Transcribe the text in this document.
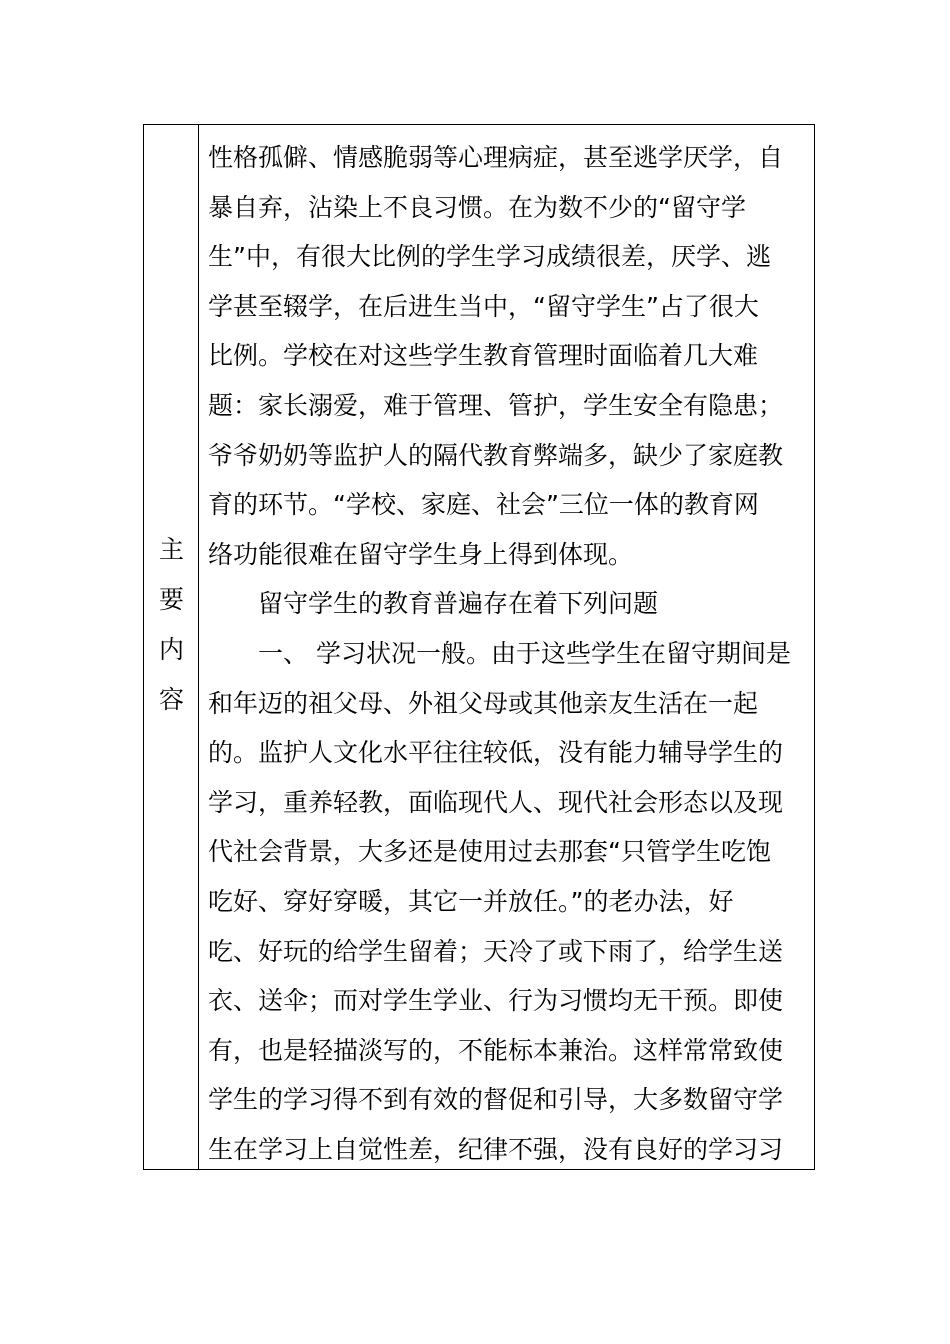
主
要
内
容
性格孤僻、情感脆弱等心理病症，甚至逃学厌学，自
暴自弃，沾染上不良习惯。在为数不少的“留守学
生”中，有很大比例的学生学习成绩很差，厌学、逃
学甚至辍学，在后进生当中，“留守学生”占了很大
比例。学校在对这些学生教育管理时面临着几大难
题：家长溺爱，难于管理、管护，学生安全有隐患；
爷爷奶奶等监护人的隔代教育弊端多，缺少了家庭教
育的环节。“学校、家庭、社会”三位一体的教育网
络功能很难在留守学生身上得到体现。
留守学生的教育普遍存在着下列问题
一、 学习状况一般。由于这些学生在留守期间是
和年迈的祖父母、外祖父母或其他亲友生活在一起
的。监护人文化水平往往较低，没有能力辅导学生的
学习，重养轻教，面临现代人、现代社会形态以及现
代社会背景，大多还是使用过去那套“只管学生吃饱
吃好、穿好穿暖，其它一并放任。”的老办法，好
吃、好玩的给学生留着；天冷了或下雨了，给学生送
衣、送伞；而对学生学业、行为习惯均无干预。即使
有，也是轻描淡写的，不能标本兼治。这样常常致使
学生的学习得不到有效的督促和引导，大多数留守学
生在学习上自觉性差，纪律不强，没有良好的学习习
